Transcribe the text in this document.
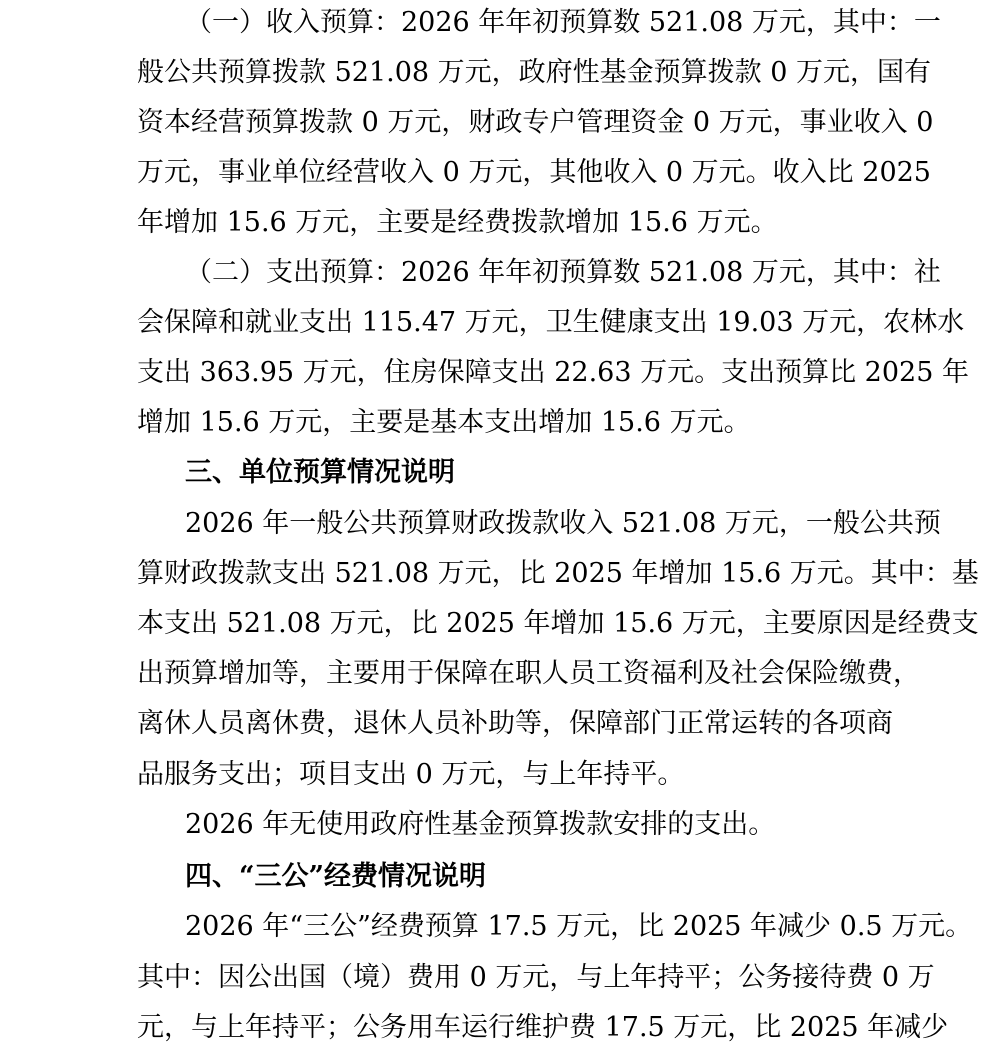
（一）收入预算：2026 年年初预算数 521.08 万元，其中：一
般公共预算拨款 521.08 万元，政府性基金预算拨款 0 万元，国有
资本经营预算拨款 0 万元，财政专户管理资金 0 万元，事业收入 0
万元，事业单位经营收入 0 万元，其他收入 0 万元。收入比 2025
年增加 15.6 万元，主要是经费拨款增加 15.6 万元。
（二）支出预算：2026 年年初预算数 521.08 万元，其中：社
会保障和就业支出 115.47 万元，卫生健康支出 19.03 万元，农林水
支出 363.95 万元，住房保障支出 22.63 万元。支出预算比 2025 年
增加 15.6 万元，主要是基本支出增加 15.6 万元。
三、单位预算情况说明
2026 年一般公共预算财政拨款收入 521.08 万元，一般公共预
算财政拨款支出 521.08 万元，比 2025 年增加 15.6 万元。其中：基
本支出 521.08 万元，比 2025 年增加 15.6 万元，主要原因是经费支
出预算增加等，主要用于保障在职人员工资福利及社会保险缴费，
离休人员离休费，退休人员补助等，保障部门正常运转的各项商
品服务支出；项目支出 0 万元，与上年持平。
2026 年无使用政府性基金预算拨款安排的支出。
四、“三公”经费情况说明
2026 年“三公”经费预算 17.5 万元，比 2025 年减少 0.5 万元。
其中：因公出国（境）费用 0 万元，与上年持平；公务接待费 0 万
元，与上年持平；公务用车运行维护费 17.5 万元，比 2025 年减少
